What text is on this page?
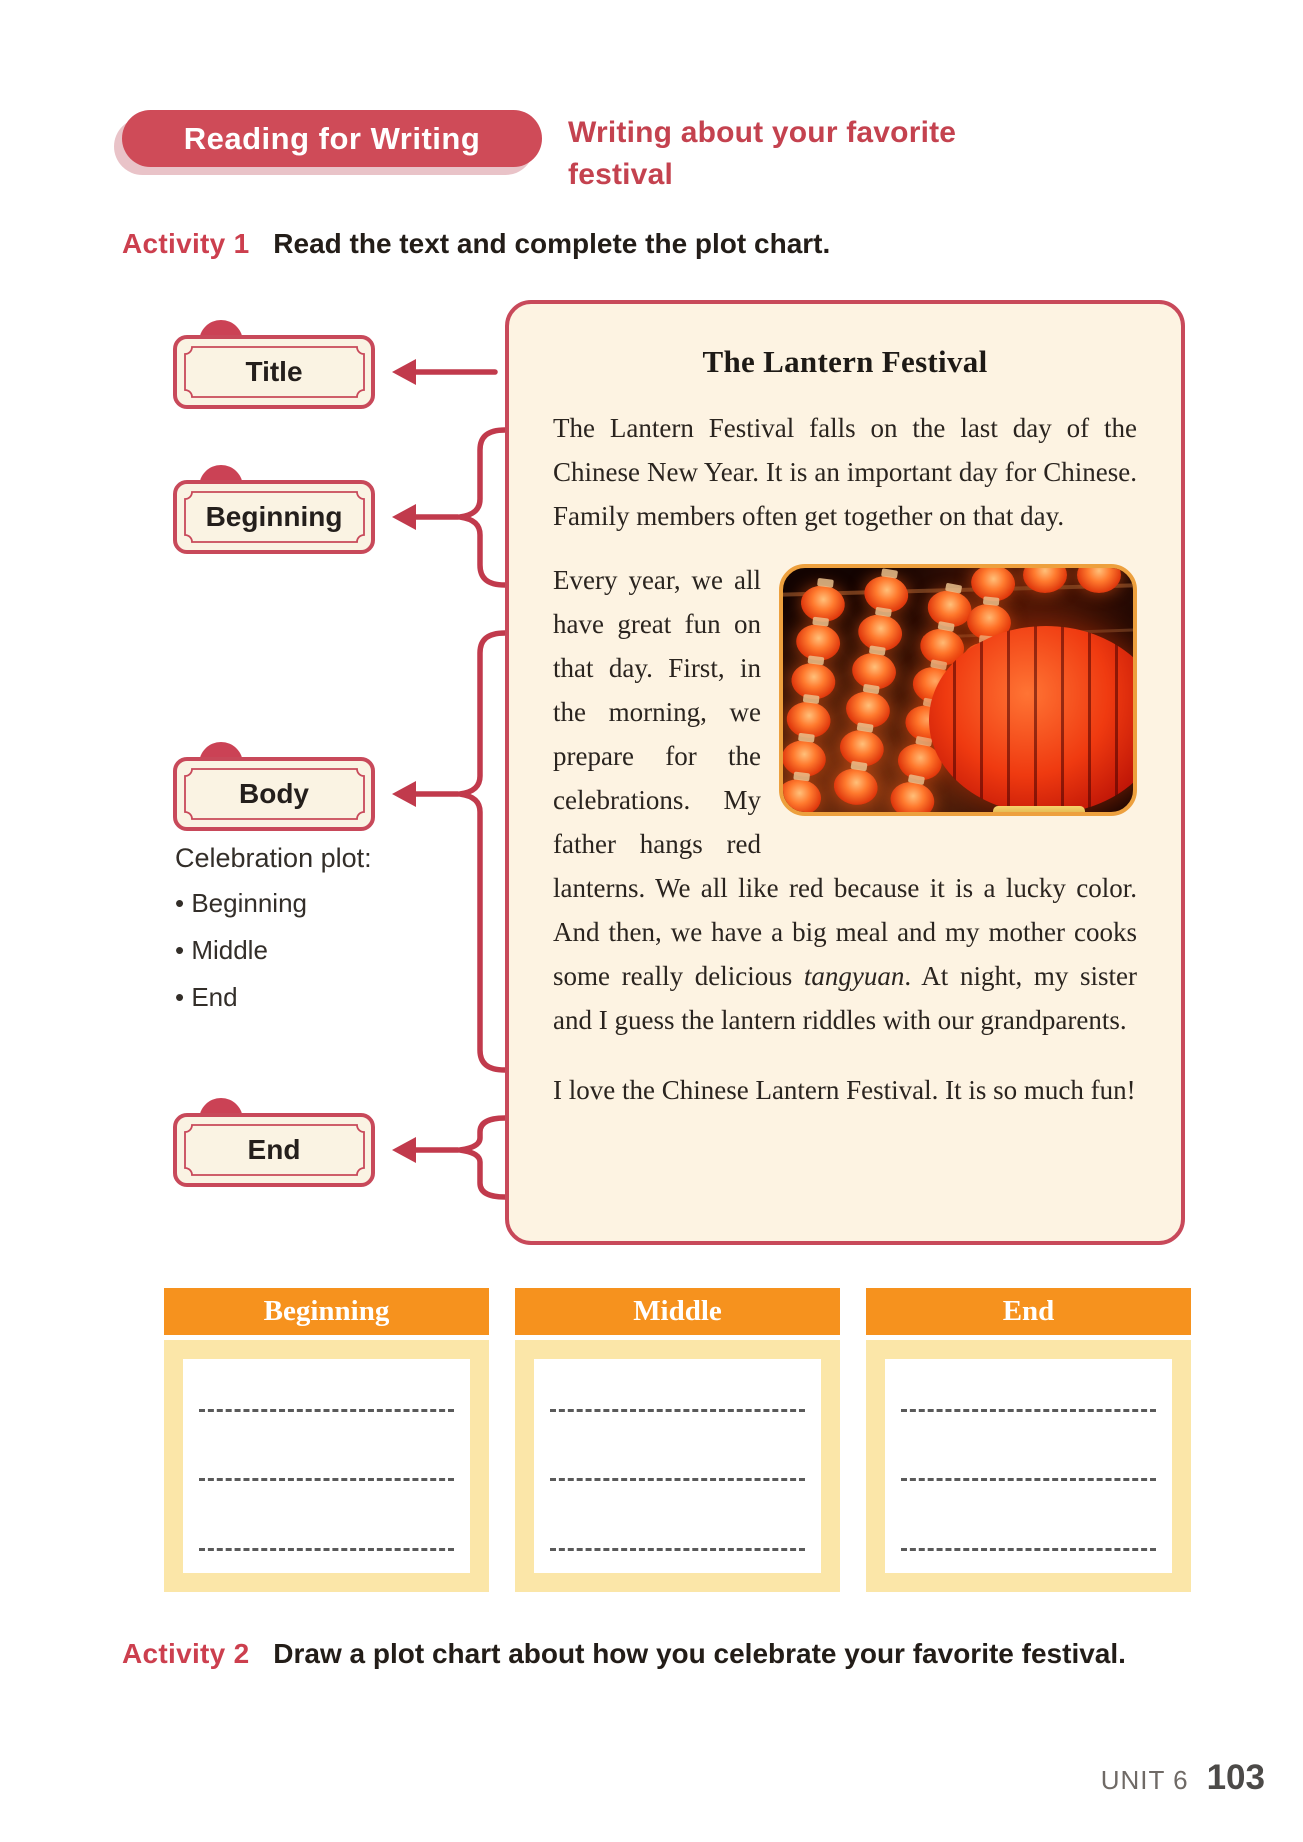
Reading for Writing	Writing about your favorite festival
Activity 1 Read the text and complete the plot chart.
Title
Beginning
Body
End
Celebration plot:
• Beginning
• Middle
• End
The Lantern Festival

The Lantern Festival falls on the last day of the Chinese New Year. It is an important day for Chinese. Family members often get together on that day.

Every year, we all have great fun on that day. First, in the morning, we prepare for the celebrations. My father hangs red lanterns. We all like red because it is a lucky color. And then, we have a big meal and my mother cooks some really delicious tangyuan. At night, my sister and I guess the lantern riddles with our grandparents.

I love the Chinese Lantern Festival. It is so much fun!

Beginning	Middle	End
Activity 2 Draw a plot chart about how you celebrate your favorite festival.
UNIT 6 103
